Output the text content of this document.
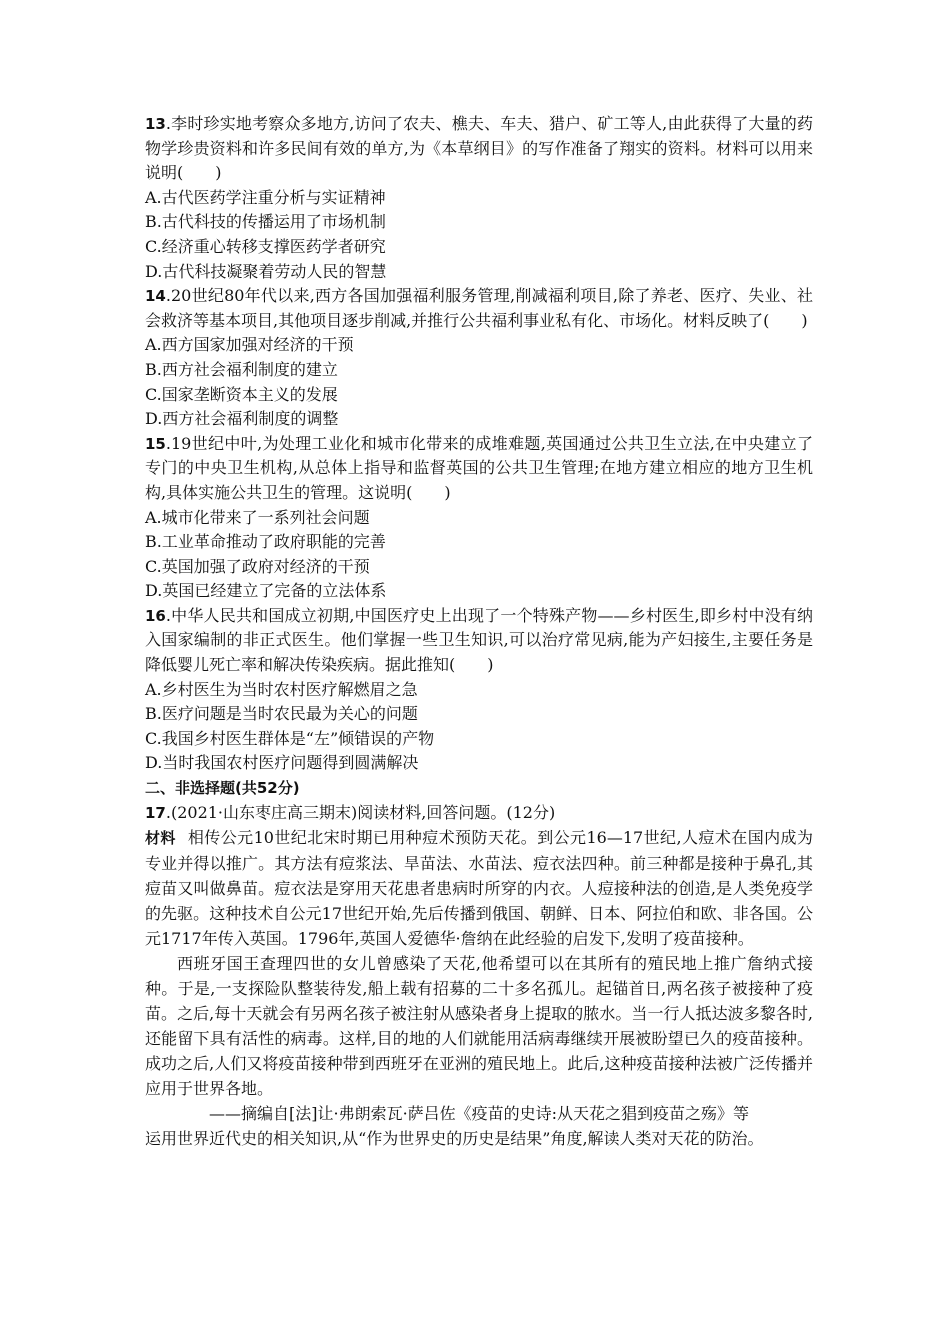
13.李时珍实地考察众多地方,访问了农夫、樵夫、车夫、猎户、矿工等人,由此获得了大量的药物学珍贵资料和许多民间有效的单方,为《本草纲目》的写作准备了翔实的资料。材料可以用来说明(　　)
A.古代医药学注重分析与实证精神
B.古代科技的传播运用了市场机制
C.经济重心转移支撑医药学者研究
D.古代科技凝聚着劳动人民的智慧
14.20世纪80年代以来,西方各国加强福利服务管理,削减福利项目,除了养老、医疗、失业、社会救济等基本项目,其他项目逐步削减,并推行公共福利事业私有化、市场化。材料反映了(　　)
A.西方国家加强对经济的干预
B.西方社会福利制度的建立
C.国家垄断资本主义的发展
D.西方社会福利制度的调整
15.19世纪中叶,为处理工业化和城市化带来的成堆难题,英国通过公共卫生立法,在中央建立了专门的中央卫生机构,从总体上指导和监督英国的公共卫生管理;在地方建立相应的地方卫生机构,具体实施公共卫生的管理。这说明(　　)
A.城市化带来了一系列社会问题
B.工业革命推动了政府职能的完善
C.英国加强了政府对经济的干预
D.英国已经建立了完备的立法体系
16.中华人民共和国成立初期,中国医疗史上出现了一个特殊产物——乡村医生,即乡村中没有纳入国家编制的非正式医生。他们掌握一些卫生知识,可以治疗常见病,能为产妇接生,主要任务是降低婴儿死亡率和解决传染疾病。据此推知(　　)
A.乡村医生为当时农村医疗解燃眉之急
B.医疗问题是当时农民最为关心的问题
C.我国乡村医生群体是“左”倾错误的产物
D.当时我国农村医疗问题得到圆满解决
二、非选择题(共52分)
17.(2021·山东枣庄高三期末)阅读材料,回答问题。(12分)
材料 相传公元10世纪北宋时期已用种痘术预防天花。到公元16—17世纪,人痘术在国内成为专业并得以推广。其方法有痘浆法、旱苗法、水苗法、痘衣法四种。前三种都是接种于鼻孔,其痘苗又叫做鼻苗。痘衣法是穿用天花患者患病时所穿的内衣。人痘接种法的创造,是人类免疫学的先驱。这种技术自公元17世纪开始,先后传播到俄国、朝鲜、日本、阿拉伯和欧、非各国。公元1717年传入英国。1796年,英国人爱德华·詹纳在此经验的启发下,发明了疫苗接种。
西班牙国王查理四世的女儿曾感染了天花,他希望可以在其所有的殖民地上推广詹纳式接种。于是,一支探险队整装待发,船上载有招募的二十多名孤儿。起锚首日,两名孩子被接种了疫苗。之后,每十天就会有另两名孩子被注射从感染者身上提取的脓水。当一行人抵达波多黎各时,还能留下具有活性的病毒。这样,目的地的人们就能用活病毒继续开展被盼望已久的疫苗接种。成功之后,人们又将疫苗接种带到西班牙在亚洲的殖民地上。此后,这种疫苗接种法被广泛传播并应用于世界各地。
——摘编自[法]让·弗朗索瓦·萨吕佐《疫苗的史诗:从天花之猖到疫苗之殇》等
运用世界近代史的相关知识,从“作为世界史的历史是结果”角度,解读人类对天花的防治。
